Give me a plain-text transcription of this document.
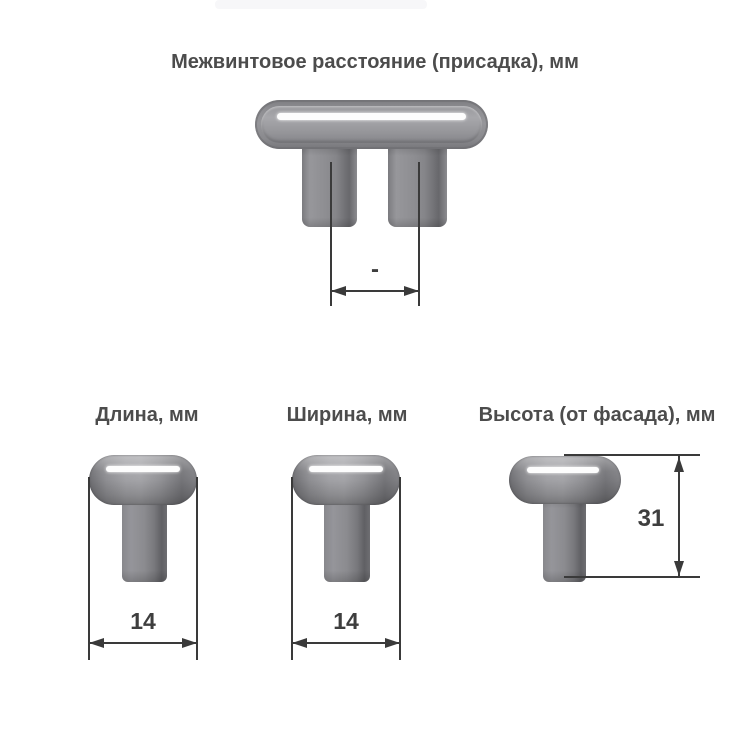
Межвинтовое расстояние (присадка), мм
-
Длина, мм	Ширина, мм	Высота (от фасада), мм
14	14
31
